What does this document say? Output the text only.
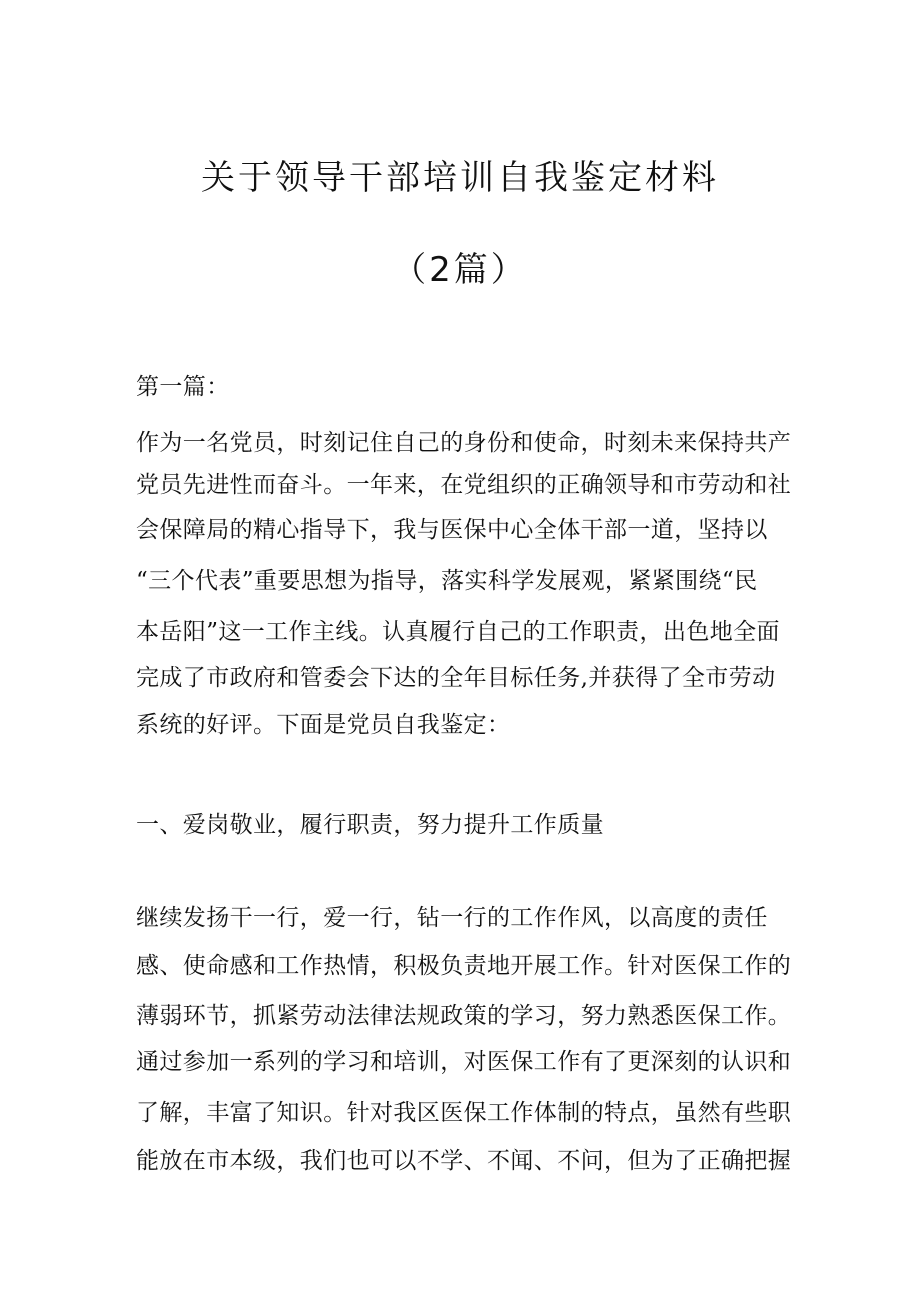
关于领导干部培训自我鉴定材料
（2篇）
第一篇：
作为一名党员，时刻记住自己的身份和使命，时刻未来保持共产
党员先进性而奋斗。一年来，在党组织的正确领导和市劳动和社
会保障局的精心指导下，我与医保中心全体干部一道，坚持以
“三个代表”重要思想为指导，落实科学发展观，紧紧围绕“民
本岳阳”这一工作主线。认真履行自己的工作职责，出色地全面
完成了市政府和管委会下达的全年目标任务,并获得了全市劳动
系统的好评。下面是党员自我鉴定：
一、爱岗敬业，履行职责，努力提升工作质量
继续发扬干一行，爱一行，钻一行的工作作风，以高度的责任
感、使命感和工作热情，积极负责地开展工作。针对医保工作的
薄弱环节，抓紧劳动法律法规政策的学习，努力熟悉医保工作。
通过参加一系列的学习和培训，对医保工作有了更深刻的认识和
了解，丰富了知识。针对我区医保工作体制的特点，虽然有些职
能放在市本级，我们也可以不学、不闻、不问，但为了正确把握
